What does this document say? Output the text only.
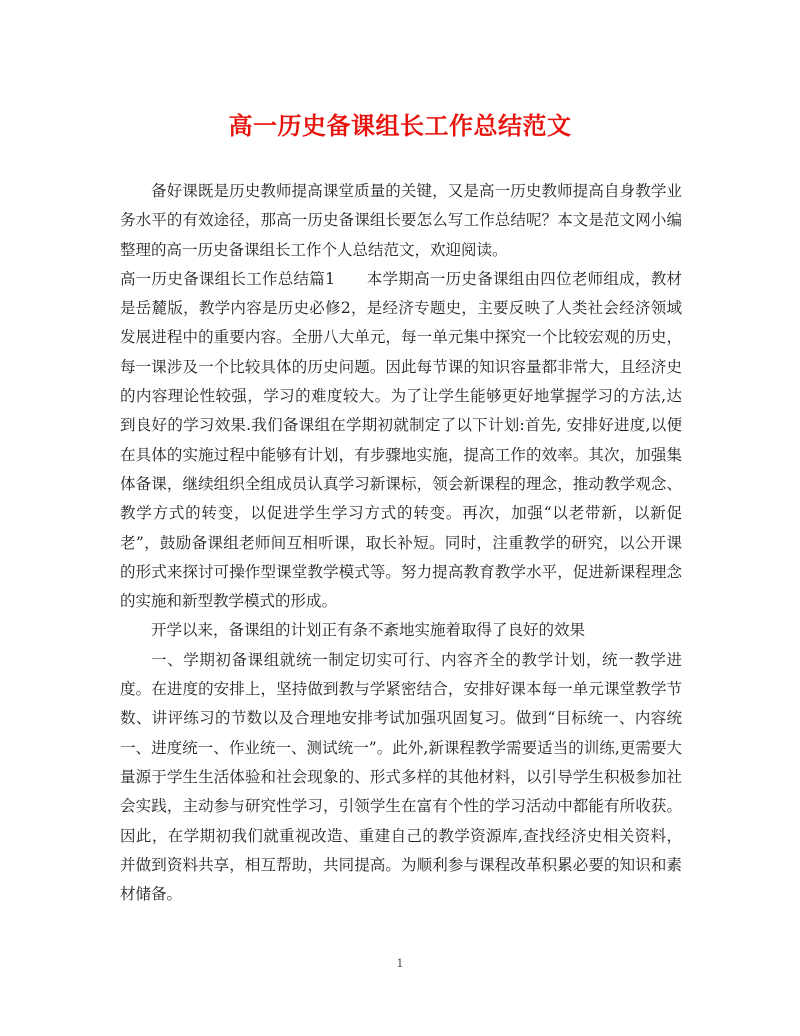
高一历史备课组长工作总结范文

备好课既是历史教师提高课堂质量的关键，又是高一历史教师提高自身教学业务水平的有效途径，那高一历史备课组长要怎么写工作总结呢？本文是范文网小编整理的高一历史备课组长工作个人总结范文，欢迎阅读。

高一历史备课组长工作总结篇1　　本学期高一历史备课组由四位老师组成，教材是岳麓版，教学内容是历史必修2，是经济专题史，主要反映了人类社会经济领域发展进程中的重要内容。全册八大单元，每一单元集中探究一个比较宏观的历史，每一课涉及一个比较具体的历史问题。因此每节课的知识容量都非常大，且经济史的内容理论性较强，学习的难度较大。为了让学生能够更好地掌握学习的方法,达到良好的学习效果.我们备课组在学期初就制定了以下计划:首先, 安排好进度,以便在具体的实施过程中能够有计划，有步骤地实施，提高工作的效率。其次，加强集体备课，继续组织全组成员认真学习新课标，领会新课程的理念，推动教学观念、教学方式的转变，以促进学生学习方式的转变。再次，加强“以老带新，以新促老”，鼓励备课组老师间互相听课，取长补短。同时，注重教学的研究，以公开课的形式来探讨可操作型课堂教学模式等。努力提高教育教学水平，促进新课程理念的实施和新型教学模式的形成。

开学以来，备课组的计划正有条不紊地实施着取得了良好的效果

一、学期初备课组就统一制定切实可行、内容齐全的教学计划，统一教学进度。在进度的安排上，坚持做到教与学紧密结合，安排好课本每一单元课堂教学节数、讲评练习的节数以及合理地安排考试加强巩固复习。做到“目标统一、内容统一、进度统一、作业统一、测试统一”。此外,新课程教学需要适当的训练,更需要大量源于学生生活体验和社会现象的、形式多样的其他材料，以引导学生积极参加社会实践，主动参与研究性学习，引领学生在富有个性的学习活动中都能有所收获。因此，在学期初我们就重视改造、重建自己的教学资源库,查找经济史相关资料，并做到资料共享，相互帮助，共同提高。为顺利参与课程改革积累必要的知识和素材储备。

1
